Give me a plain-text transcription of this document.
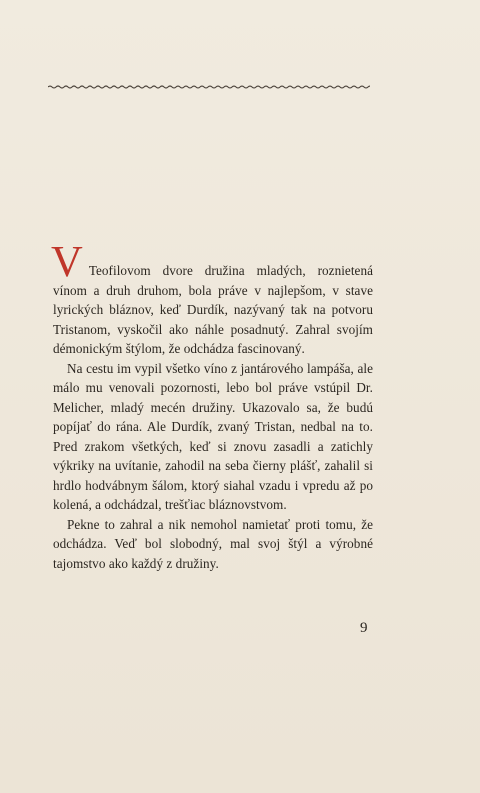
V Teofilovom dvore družina mladých, roznietená vínom a druh druhom, bola práve v najlepšom, v stave lyrických bláznov, keď Durdík, nazývaný tak na potvoru Tristanom, vyskočil ako náhle posadnutý. Zahral svojím démonickým štýlom, že odchádza fascinovaný.

Na cestu im vypil všetko víno z jantárového lampáša, ale málo mu venovali pozornosti, lebo bol práve vstúpil Dr. Melicher, mladý mecén družiny. Ukazovalo sa, že budú popíjať do rána. Ale Durdík, zvaný Tristan, nedbal na to. Pred zrakom všetkých, keď si znovu zasadli a zatichly výkriky na uvítanie, zahodil na seba čierny plášť, zahalil si hrdlo hodvábnym šálom, ktorý siahal vzadu i vpredu až po kolená, a odchádzal, trešťiac bláznovstvom.

Pekne to zahral a nik nemohol namietať proti tomu, že odchádza. Veď bol slobodný, mal svoj štýl a výrobné tajomstvo ako každý z družiny.

9
